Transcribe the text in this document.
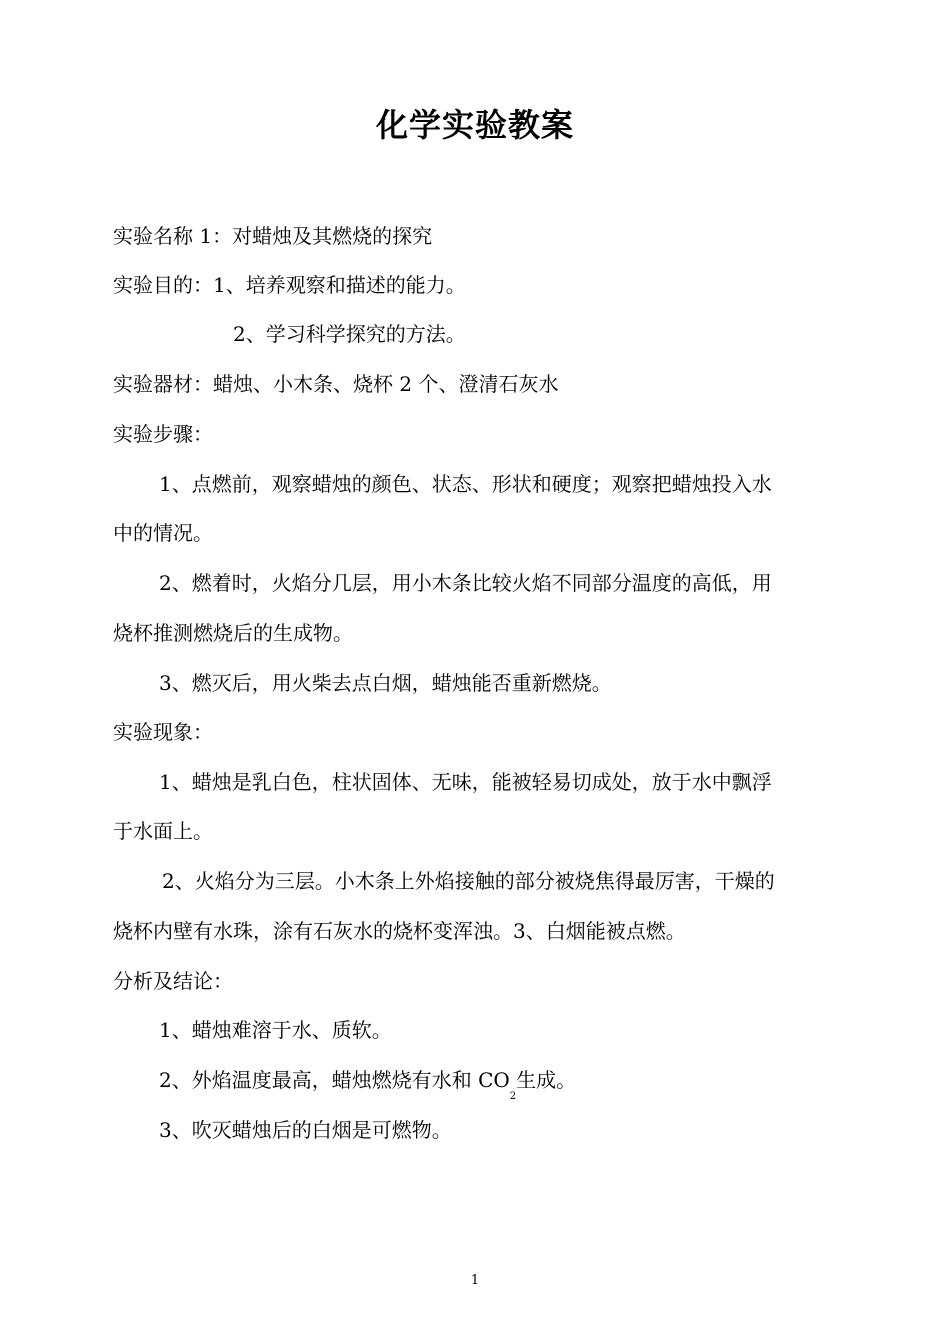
化学实验教案
实验名称 1：对蜡烛及其燃烧的探究
实验目的：1、培养观察和描述的能力。
2、学习科学探究的方法。
实验器材：蜡烛、小木条、烧杯 2 个、澄清石灰水
实验步骤：
1、点燃前，观察蜡烛的颜色、状态、形状和硬度；观察把蜡烛投入水
中的情况。
2、燃着时，火焰分几层，用小木条比较火焰不同部分温度的高低，用
烧杯推测燃烧后的生成物。
3、燃灭后，用火柴去点白烟，蜡烛能否重新燃烧。
实验现象：
1、蜡烛是乳白色，柱状固体、无味，能被轻易切成处，放于水中飘浮
于水面上。
2、火焰分为三层。小木条上外焰接触的部分被烧焦得最厉害，干燥的
烧杯内壁有水珠，涂有石灰水的烧杯变浑浊。3、白烟能被点燃。
分析及结论：
1、蜡烛难溶于水、质软。
2、外焰温度最高，蜡烛燃烧有水和 $CO_2$生成。
3、吹灭蜡烛后的白烟是可燃物。
1
